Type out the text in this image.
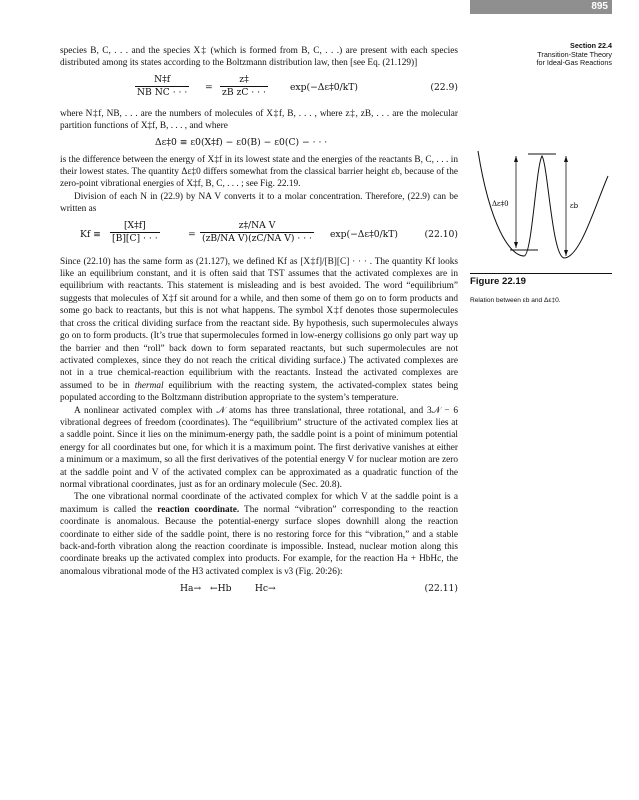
895
Section 22.4
Transition-State Theory
for Ideal-Gas Reactions

species B, C, . . . and the species X‡ (which is formed from B, C, . . .) are present with each species distributed among its states according to the Boltzmann distribution law, then [see Eq. (21.129)]

$\frac{N\ddagger f}{\text{NB NC · · ·}} = \frac{z\ddagger}{\text{zB zC · · ·}}$ exp(−Δε‡0/kT)	(22.9)

where N‡f, NB, . . . are the numbers of molecules of X‡f, B, . . . , where z‡, zB, . . . are the molecular partition functions of X‡f, B, . . . , and where

Δε‡0 ≡ ε0(X‡f) − ε0(B) − ε0(C) − · · ·

is the difference between the energy of X‡f in its lowest state and the energies of the reactants B, C, . . . in their lowest states. The quantity Δε‡0 differs somewhat from the classical barrier height εb, because of the zero-point vibrational energies of X‡f, B, C, . . . ; see Fig. 22.19.

Division of each N in (22.9) by NA V converts it to a molar concentration. Therefore, (22.9) can be written as

$Kf \equiv \frac{[X\ddagger f]}{[B][C] \cdot \cdot \cdot}$	= $\frac{\text{z‡/NA V}}{\text{(zB/NA V)(zC/NA V) · · ·}}$ exp(−Δε‡0/kT)	(22.10)

Since (22.10) has the same form as (21.127), we defined Kf as [X‡f]/[B][C] · · · . The quantity Kf looks like an equilibrium constant, and it is often said that TST assumes that the activated complexes are in equilibrium with reactants. This statement is misleading and is best avoided. The word “equilibrium” suggests that molecules of X‡f sit around for a while, and then some of them go on to form products and some go back to reactants, but this is not what happens. The symbol X‡f denotes those supermolecules that cross the critical dividing surface from the reactant side. By hypothesis, such supermolecules always go on to form products. (It’s true that supermolecules formed in low-energy collisions go only part way up the barrier and then “roll” back down to form separated reactants, but such supermolecules are not activated complexes, since they do not reach the critical dividing surface.) The activated complexes are not in a true chemical-reaction equilibrium with the reactants. Instead the activated complexes are assumed to be in thermal equilibrium with the reacting system, the activated-complex states being populated according to the Boltzmann distribution appropriate to the system’s temperature.

A nonlinear activated complex with 𝒩 atoms has three translational, three rotational, and 3𝒩 − 6 vibrational degrees of freedom (coordinates). The “equilibrium” structure of the activated complex lies at a saddle point. Since it lies on the minimum-energy path, the saddle point is a point of minimum potential energy for all coordinates but one, for which it is a maximum point. The first derivative vanishes at either a minimum or a maximum, so all the first derivatives of the potential energy V for nuclear motion are zero at the saddle point and V of the activated complex can be approximated as a quadratic function of the normal vibrational coordinates, just as for an ordinary molecule (Sec. 20.8).

The one vibrational normal coordinate of the activated complex for which V at the saddle point is a maximum is called the reaction coordinate. The normal “vibration” corresponding to the reaction coordinate is anomalous. Because the potential-energy surface slopes downhill along the reaction coordinate to either side of the saddle point, there is no restoring force for this “vibration,” and a stable back-and-forth vibration along the reaction coordinate is impossible. Instead, nuclear motion along this coordinate breaks up the activated complex into products. For example, for the reaction Ha + HbHc, the anomalous vibrational mode of the H3 activated complex is ν3 (Fig. 20:26):

Ha→   ←Hb        Hc→	(22.11)
Δε‡0	εb
Figure 22.19
Relation between εb and Δε‡0.
